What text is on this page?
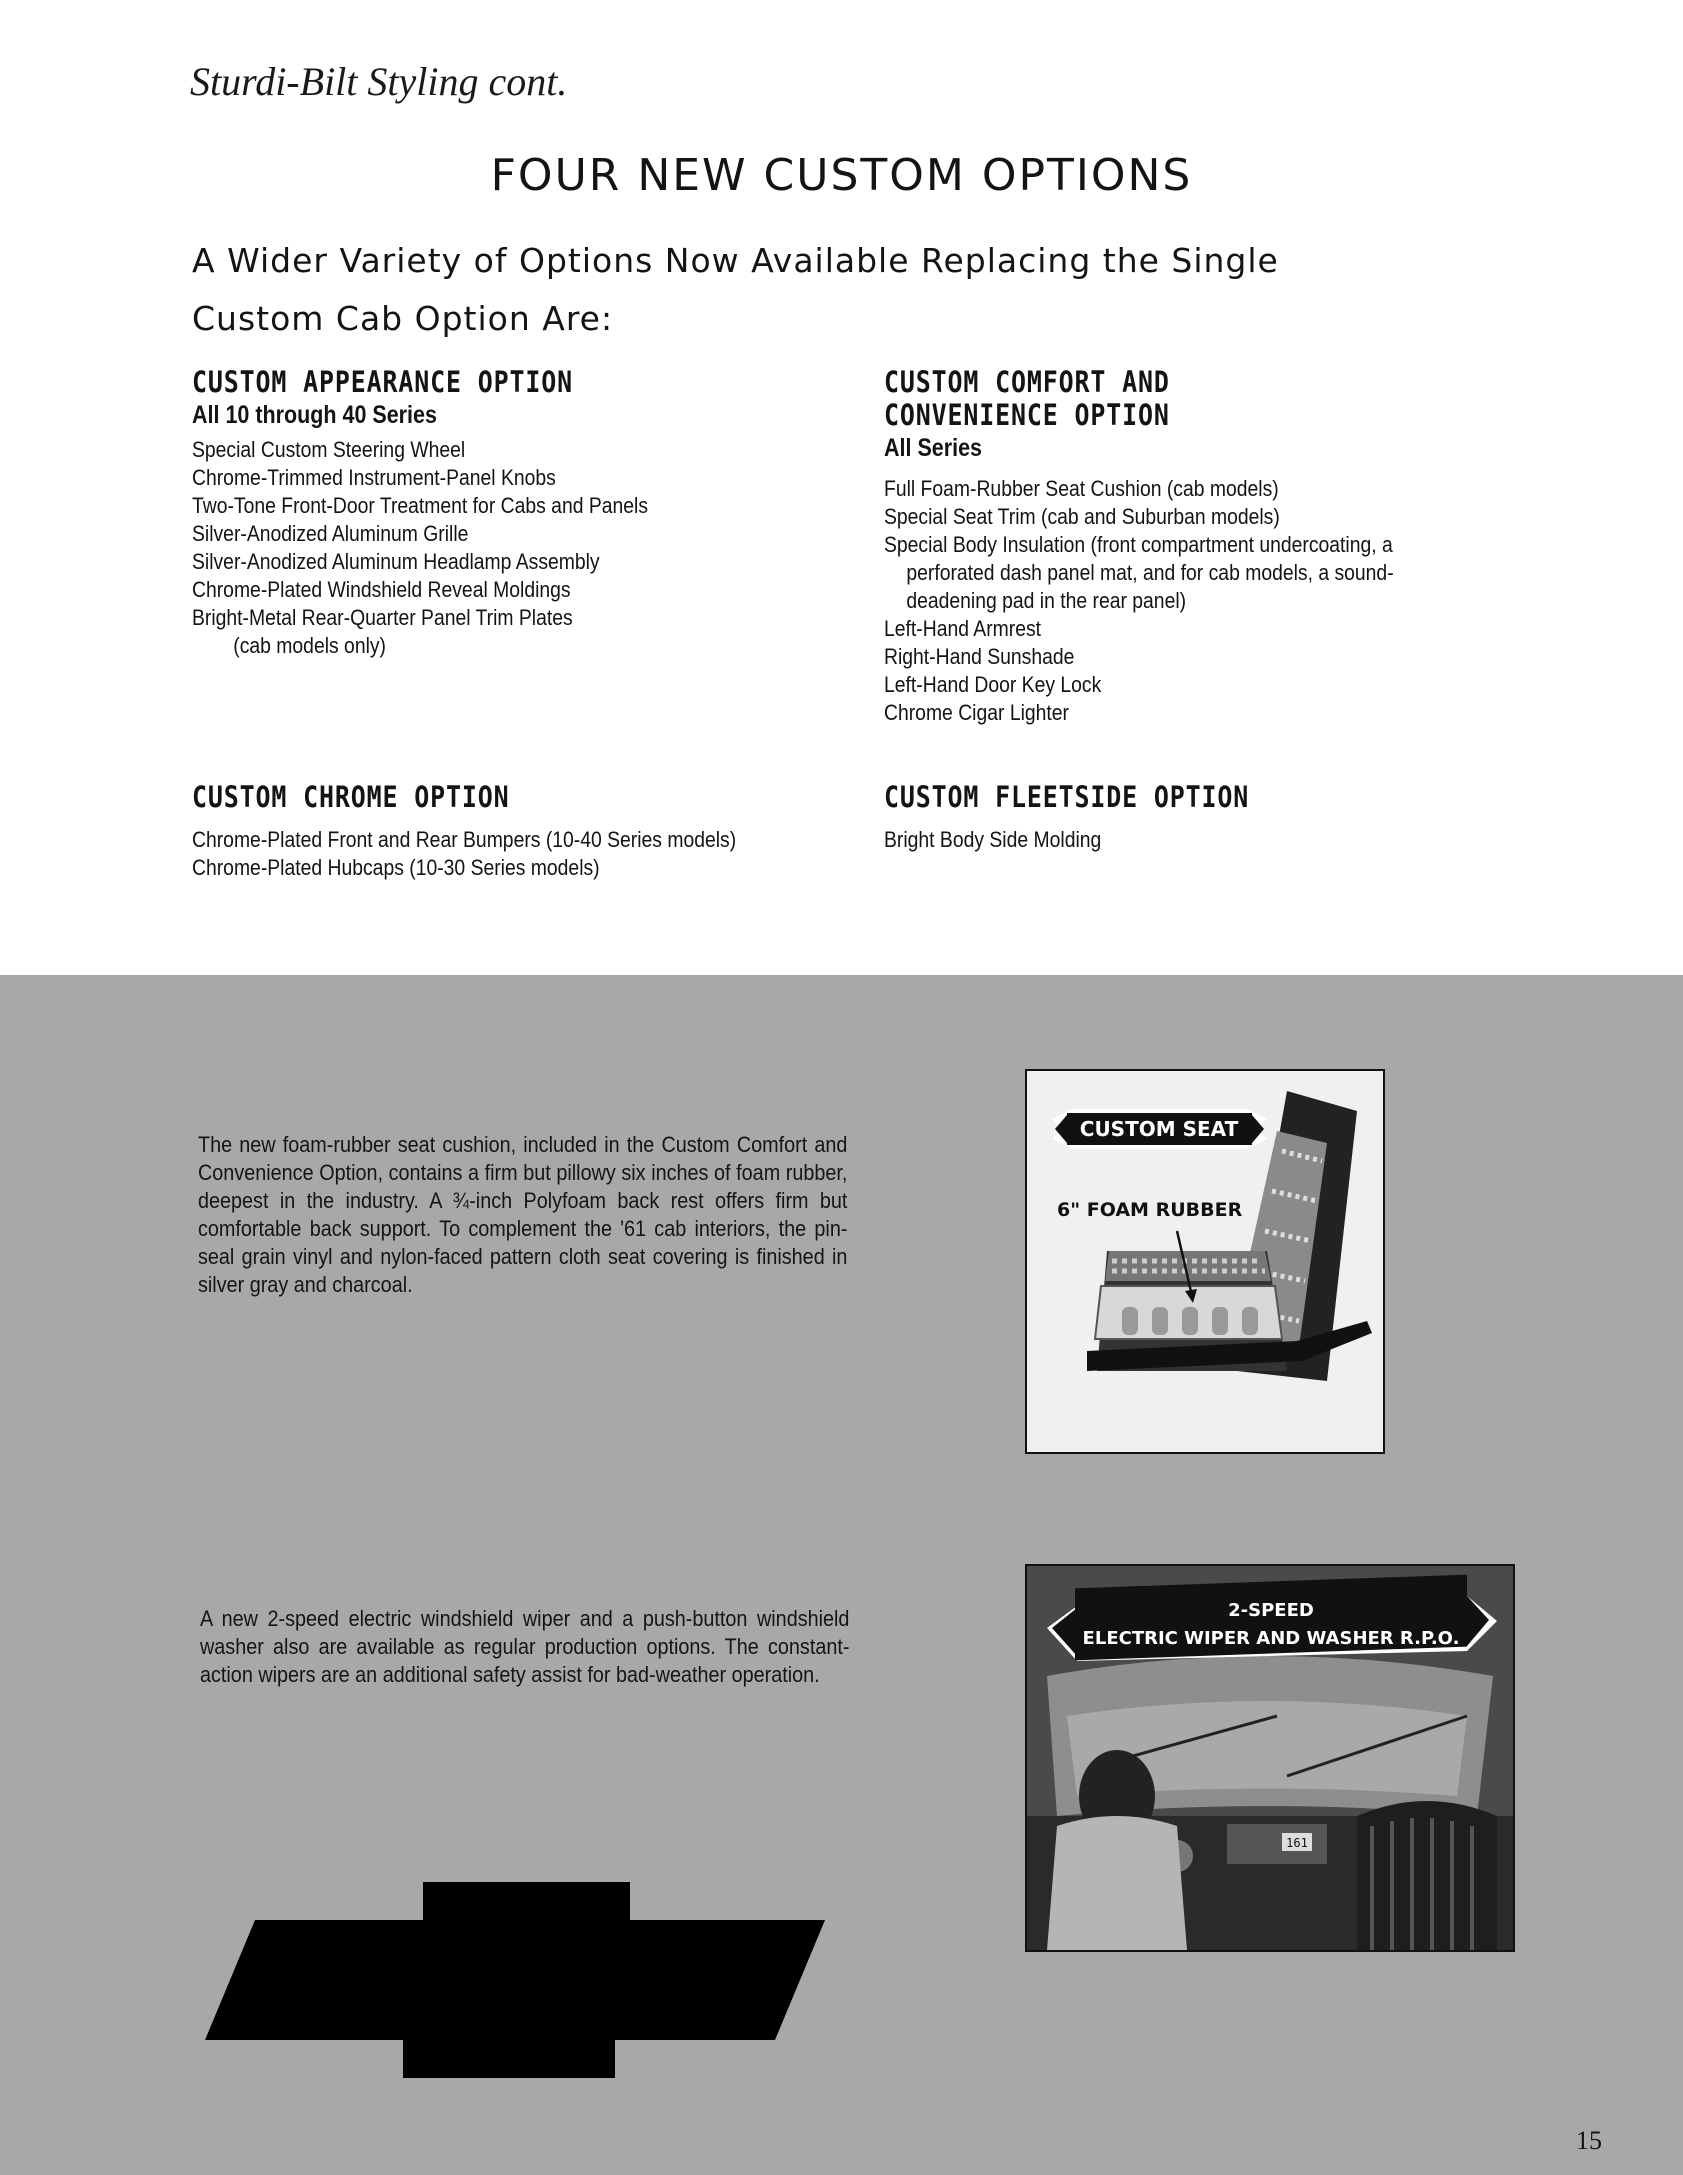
Sturdi-Bilt Styling cont.
FOUR NEW CUSTOM OPTIONS
A Wider Variety of Options Now Available Replacing the Single
Custom Cab Option Are:
CUSTOM APPEARANCE OPTION
All 10 through 40 Series
Special Custom Steering Wheel
Chrome-Trimmed Instrument-Panel Knobs
Two-Tone Front-Door Treatment for Cabs and Panels
Silver-Anodized Aluminum Grille
Silver-Anodized Aluminum Headlamp Assembly
Chrome-Plated Windshield Reveal Moldings
Bright-Metal Rear-Quarter Panel Trim Plates
(cab models only)
CUSTOM COMFORT AND
CONVENIENCE OPTION
All Series
Full Foam-Rubber Seat Cushion (cab models)
Special Seat Trim (cab and Suburban models)
Special Body Insulation (front compartment undercoating, a
perforated dash panel mat, and for cab models, a sound-
deadening pad in the rear panel)
Left-Hand Armrest
Right-Hand Sunshade
Left-Hand Door Key Lock
Chrome Cigar Lighter
CUSTOM CHROME OPTION
Chrome-Plated Front and Rear Bumpers (10-40 Series models)
Chrome-Plated Hubcaps (10-30 Series models)
CUSTOM FLEETSIDE OPTION
Bright Body Side Molding
The new foam-rubber seat cushion, included in the Custom Comfort and Convenience Option, contains a firm but pillowy six inches of foam rubber, deepest in the industry. A ¾-inch Polyfoam back rest offers firm but comfortable back support. To complement the '61 cab interiors, the pin-seal grain vinyl and nylon-faced pattern cloth seat covering is finished in silver gray and charcoal.
A new 2-speed electric windshield wiper and a push-button windshield washer also are available as regular production options. The constant-action wipers are an additional safety assist for bad-weather operation.
CUSTOM SEAT
6" FOAM RUBBER
161
2-SPEED
ELECTRIC WIPER AND WASHER R.P.O.
15
